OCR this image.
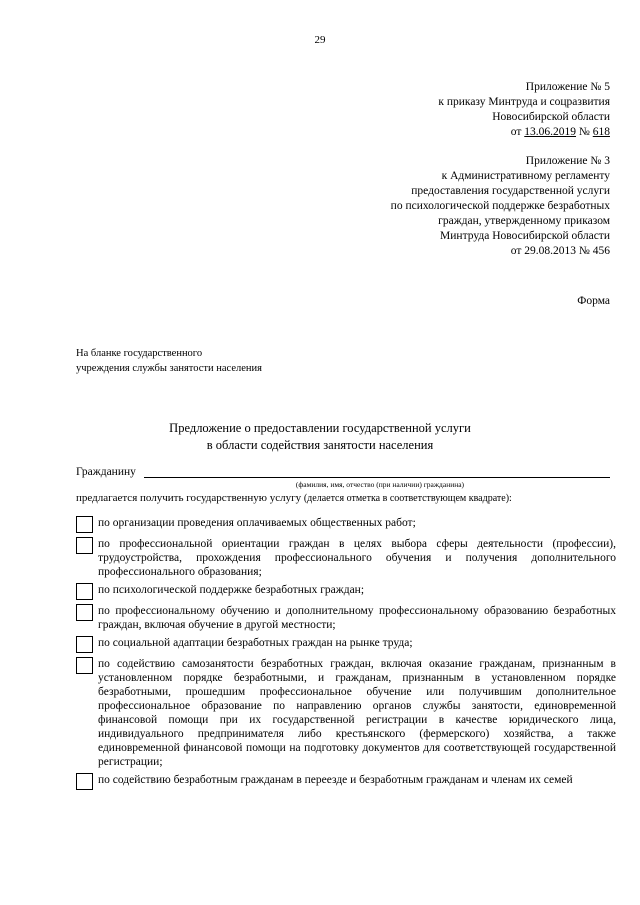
29
Приложение № 5
к приказу Минтруда и соцразвития
Новосибирской области
от 13.06.2019 № 618
Приложение № 3
к Административному регламенту
предоставления государственной услуги
по психологической поддержке безработных
граждан, утвержденному приказом
Минтруда Новосибирской области
от 29.08.2013 № 456
Форма
На бланке государственного
учреждения службы занятости населения
Предложение о предоставлении государственной услуги
в области содействия занятости населения
Гражданину
(фамилия, имя, отчество (при наличии) гражданина)
предлагается получить государственную услугу (делается отметка в соответствующем квадрате):
по организации проведения оплачиваемых общественных работ;
по профессиональной ориентации граждан в целях выбора сферы деятельности (профессии), трудоустройства, прохождения профессионального обучения и получения дополнительного профессионального образования;
по психологической поддержке безработных граждан;
по профессиональному обучению и дополнительному профессиональному образованию безработных граждан, включая обучение в другой местности;
по социальной адаптации безработных граждан на рынке труда;
по содействию самозанятости безработных граждан, включая оказание гражданам, признанным в установленном порядке безработными, и гражданам, признанным в установленном порядке безработными, прошедшим профессиональное обучение или получившим дополнительное профессиональное образование по направлению органов службы занятости, единовременной финансовой помощи при их государственной регистрации в качестве юридического лица, индивидуального предпринимателя либо крестьянского (фермерского) хозяйства, а также единовременной финансовой помощи на подготовку документов для соответствующей государственной регистрации;
по содействию безработным гражданам в переезде и безработным гражданам и членам их семей
